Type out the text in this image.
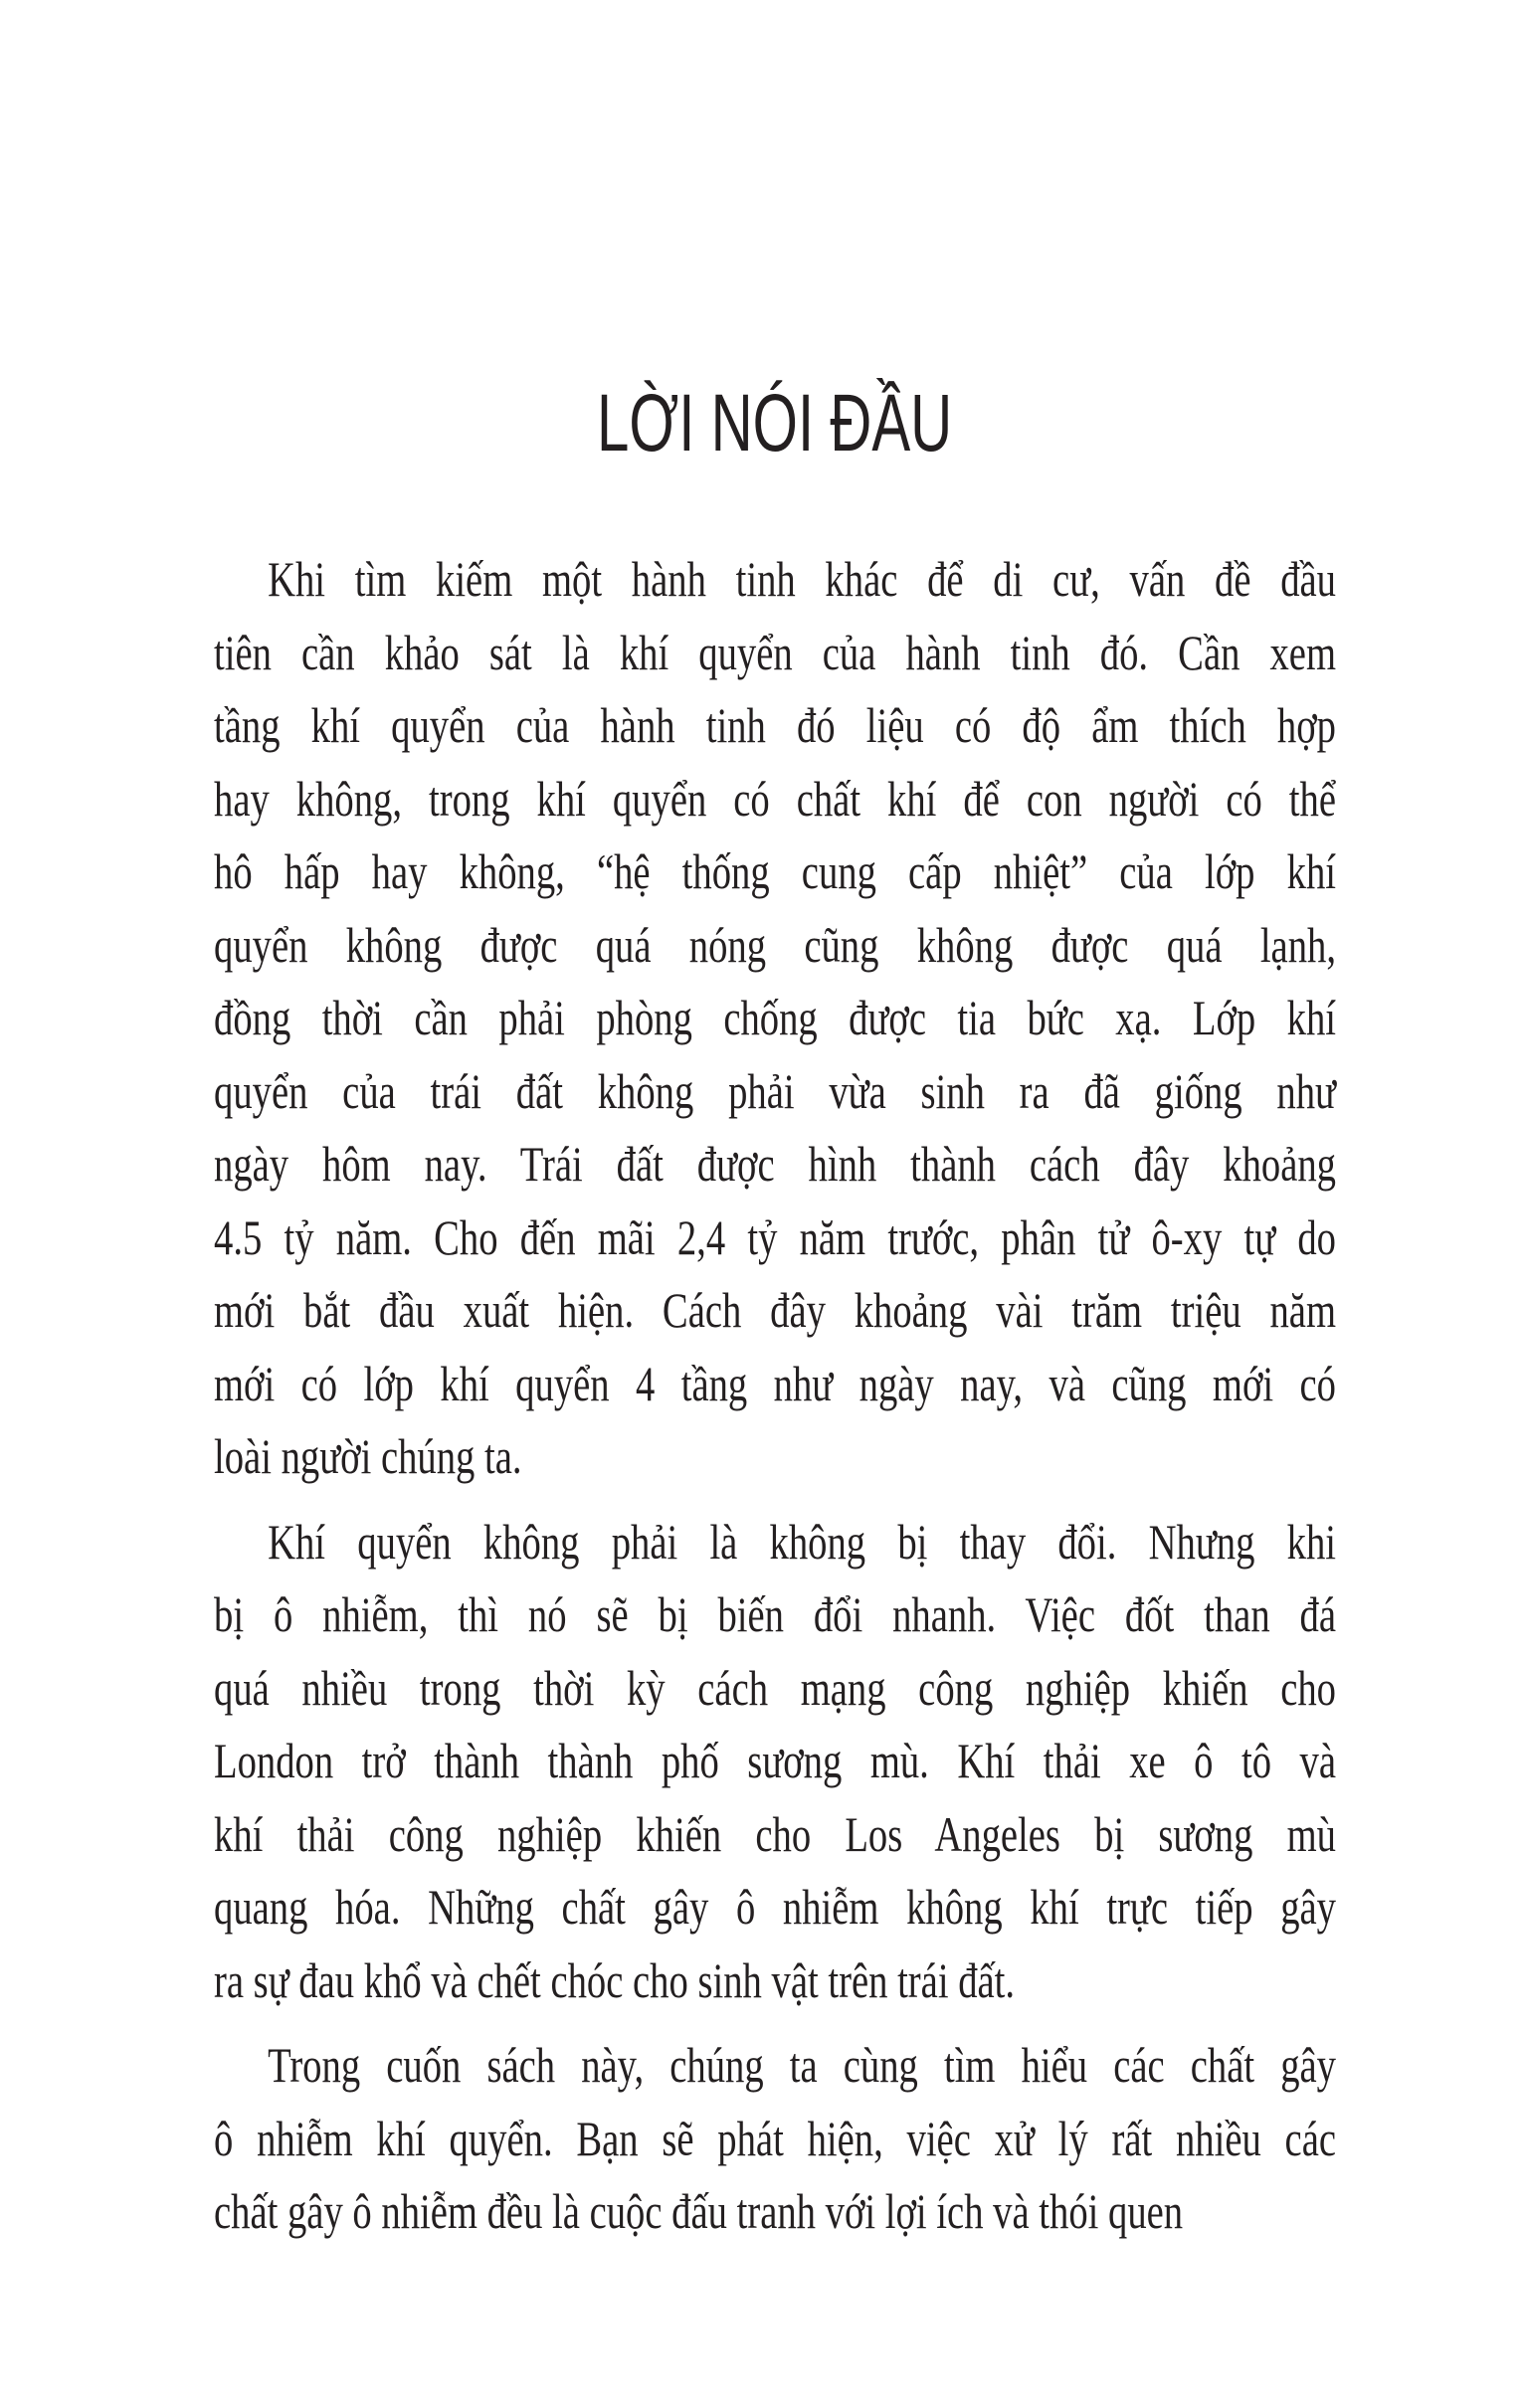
LỜI NÓI ĐẦU
Khi tìm kiếm một hành tinh khác để di cư, vấn đề đầu
tiên cần khảo sát là khí quyển của hành tinh đó. Cần xem
tầng khí quyển của hành tinh đó liệu có độ ẩm thích hợp
hay không, trong khí quyển có chất khí để con người có thể
hô hấp hay không, “hệ thống cung cấp nhiệt” của lớp khí
quyển không được quá nóng cũng không được quá lạnh,
đồng thời cần phải phòng chống được tia bức xạ. Lớp khí
quyển của trái đất không phải vừa sinh ra đã giống như
ngày hôm nay. Trái đất được hình thành cách đây khoảng
4.5 tỷ năm. Cho đến mãi 2,4 tỷ năm trước, phân tử ô-xy tự do
mới bắt đầu xuất hiện. Cách đây khoảng vài trăm triệu năm
mới có lớp khí quyển 4 tầng như ngày nay, và cũng mới có
loài người chúng ta.
Khí quyển không phải là không bị thay đổi. Nhưng khi
bị ô nhiễm, thì nó sẽ bị biến đổi nhanh. Việc đốt than đá
quá nhiều trong thời kỳ cách mạng công nghiệp khiến cho
London trở thành thành phố sương mù. Khí thải xe ô tô và
khí thải công nghiệp khiến cho Los Angeles bị sương mù
quang hóa. Những chất gây ô nhiễm không khí trực tiếp gây
ra sự đau khổ và chết chóc cho sinh vật trên trái đất.
Trong cuốn sách này, chúng ta cùng tìm hiểu các chất gây
ô nhiễm khí quyển. Bạn sẽ phát hiện, việc xử lý rất nhiều các
chất gây ô nhiễm đều là cuộc đấu tranh với lợi ích và thói quen
